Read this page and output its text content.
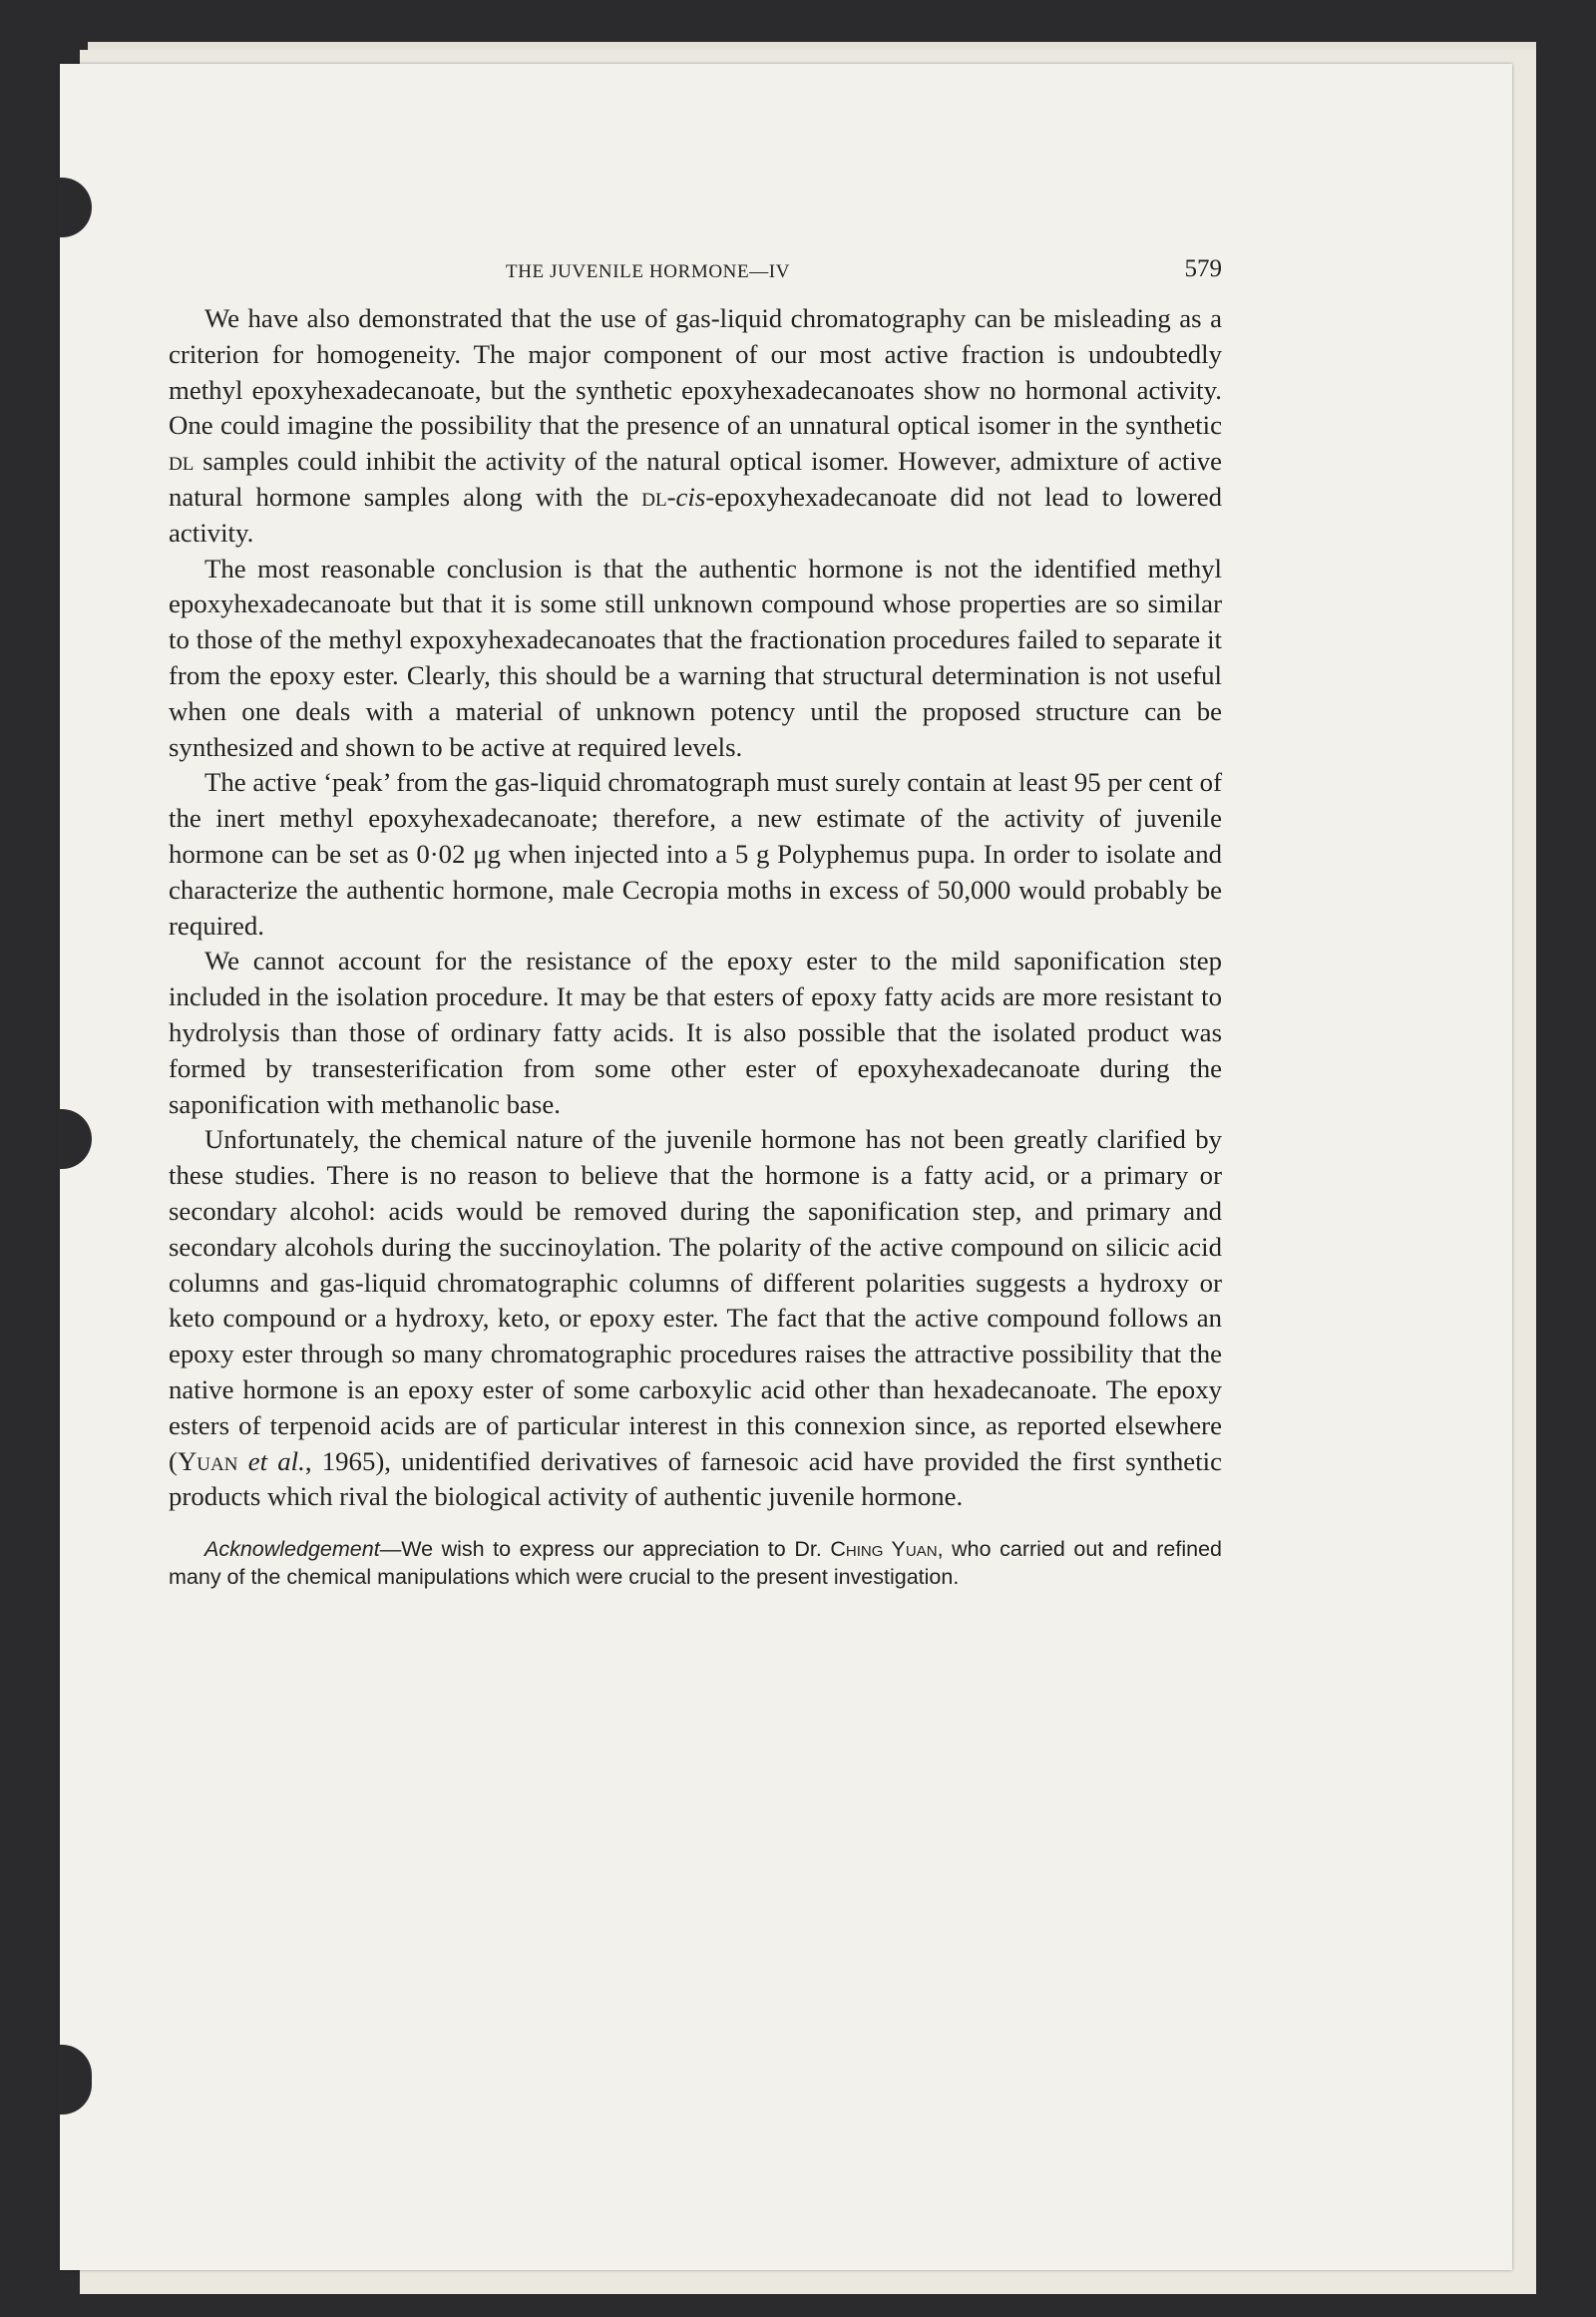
THE JUVENILE HORMONE—IV	579

We have also demonstrated that the use of gas-liquid chromatography can be misleading as a criterion for homogeneity. The major component of our most active fraction is undoubtedly methyl epoxyhexadecanoate, but the synthetic epoxyhexadecanoates show no hormonal activity. One could imagine the possibility that the presence of an unnatural optical isomer in the synthetic dl samples could inhibit the activity of the natural optical isomer. However, admixture of active natural hormone samples along with the dl-cis-epoxyhexadecanoate did not lead to lowered activity.

The most reasonable conclusion is that the authentic hormone is not the identified methyl epoxyhexadecanoate but that it is some still unknown compound whose properties are so similar to those of the methyl expoxyhexadecanoates that the fractionation procedures failed to separate it from the epoxy ester. Clearly, this should be a warning that structural determination is not useful when one deals with a material of unknown potency until the proposed structure can be synthesized and shown to be active at required levels.

The active ‘peak’ from the gas-liquid chromatograph must surely contain at least 95 per cent of the inert methyl epoxyhexadecanoate; therefore, a new estimate of the activity of juvenile hormone can be set as 0·02 μg when injected into a 5 g Polyphemus pupa. In order to isolate and characterize the authentic hormone, male Cecropia moths in excess of 50,000 would probably be required.

We cannot account for the resistance of the epoxy ester to the mild saponification step included in the isolation procedure. It may be that esters of epoxy fatty acids are more resistant to hydrolysis than those of ordinary fatty acids. It is also possible that the isolated product was formed by transesterification from some other ester of epoxyhexadecanoate during the saponification with methanolic base.

Unfortunately, the chemical nature of the juvenile hormone has not been greatly clarified by these studies. There is no reason to believe that the hormone is a fatty acid, or a primary or secondary alcohol: acids would be removed during the saponification step, and primary and secondary alcohols during the succinoylation. The polarity of the active compound on silicic acid columns and gas-liquid chromatographic columns of different polarities suggests a hydroxy or keto compound or a hydroxy, keto, or epoxy ester. The fact that the active compound follows an epoxy ester through so many chromatographic procedures raises the attractive possibility that the native hormone is an epoxy ester of some carboxylic acid other than hexadecanoate. The epoxy esters of terpenoid acids are of particular interest in this connexion since, as reported elsewhere (Yuan et al., 1965), unidentified derivatives of farnesoic acid have provided the first synthetic products which rival the biological activity of authentic juvenile hormone.

Acknowledgement—We wish to express our appreciation to Dr. Ching Yuan, who carried out and refined many of the chemical manipulations which were crucial to the present investigation.
